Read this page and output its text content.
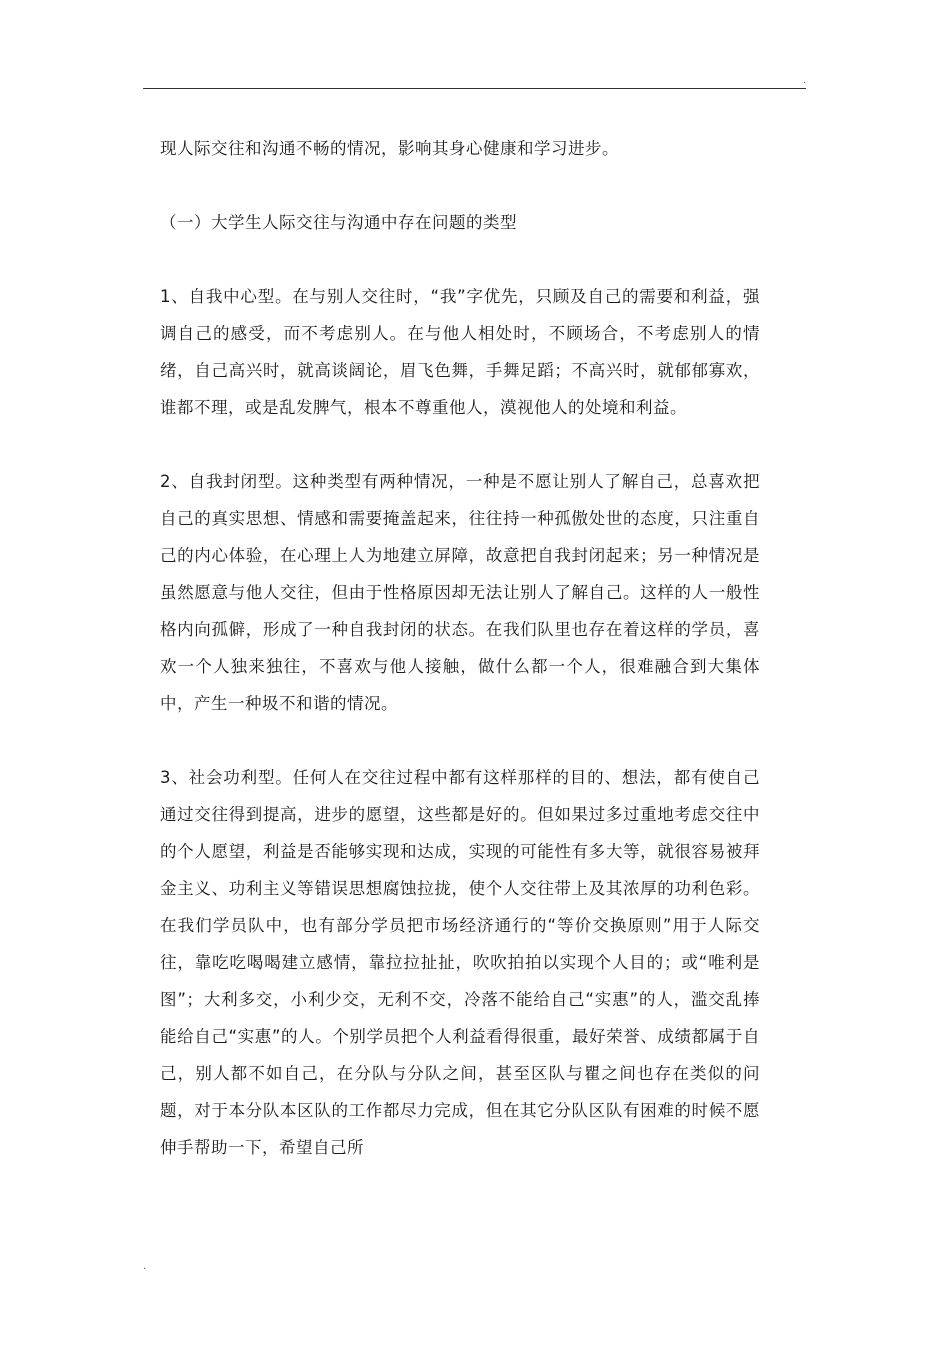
.

现人际交往和沟通不畅的情况，影响其身心健康和学习进步。

（一）大学生人际交往与沟通中存在问题的类型

1、自我中心型。在与别人交往时，“我”字优先，只顾及自己的需要和利益，强调自己的感受，而不考虑别人。在与他人相处时，不顾场合，不考虑别人的情绪，自己高兴时，就高谈阔论，眉飞色舞，手舞足蹈；不高兴时，就郁郁寡欢，谁都不理，或是乱发脾气，根本不尊重他人，漠视他人的处境和利益。

2、自我封闭型。这种类型有两种情况，一种是不愿让别人了解自己，总喜欢把自己的真实思想、情感和需要掩盖起来，往往持一种孤傲处世的态度，只注重自己的内心体验，在心理上人为地建立屏障，故意把自我封闭起来；另一种情况是虽然愿意与他人交往，但由于性格原因却无法让别人了解自己。这样的人一般性格内向孤僻，形成了一种自我封闭的状态。在我们队里也存在着这样的学员，喜欢一个人独来独往，不喜欢与他人接触，做什么都一个人，很难融合到大集体中，产生一种圾不和谐的情况。

3、社会功利型。任何人在交往过程中都有这样那样的目的、想法，都有使自己通过交往得到提高，进步的愿望，这些都是好的。但如果过多过重地考虑交往中的个人愿望，利益是否能够实现和达成，实现的可能性有多大等，就很容易被拜金主义、功利主义等错误思想腐蚀拉拢，使个人交往带上及其浓厚的功利色彩。在我们学员队中，也有部分学员把市场经济通行的“等价交换原则”用于人际交往，靠吃吃喝喝建立感情，靠拉拉扯扯，吹吹拍拍以实现个人目的；或“唯利是图”；大利多交，小利少交，无利不交，冷落不能给自己“实惠”的人，滥交乱捧能给自己“实惠”的人。个别学员把个人利益看得很重，最好荣誉、成绩都属于自己，别人都不如自己，在分队与分队之间，甚至区队与瞿之间也存在类似的问题，对于本分队本区队的工作都尽力完成，但在其它分队区队有困难的时候不愿伸手帮助一下，希望自己所

.
